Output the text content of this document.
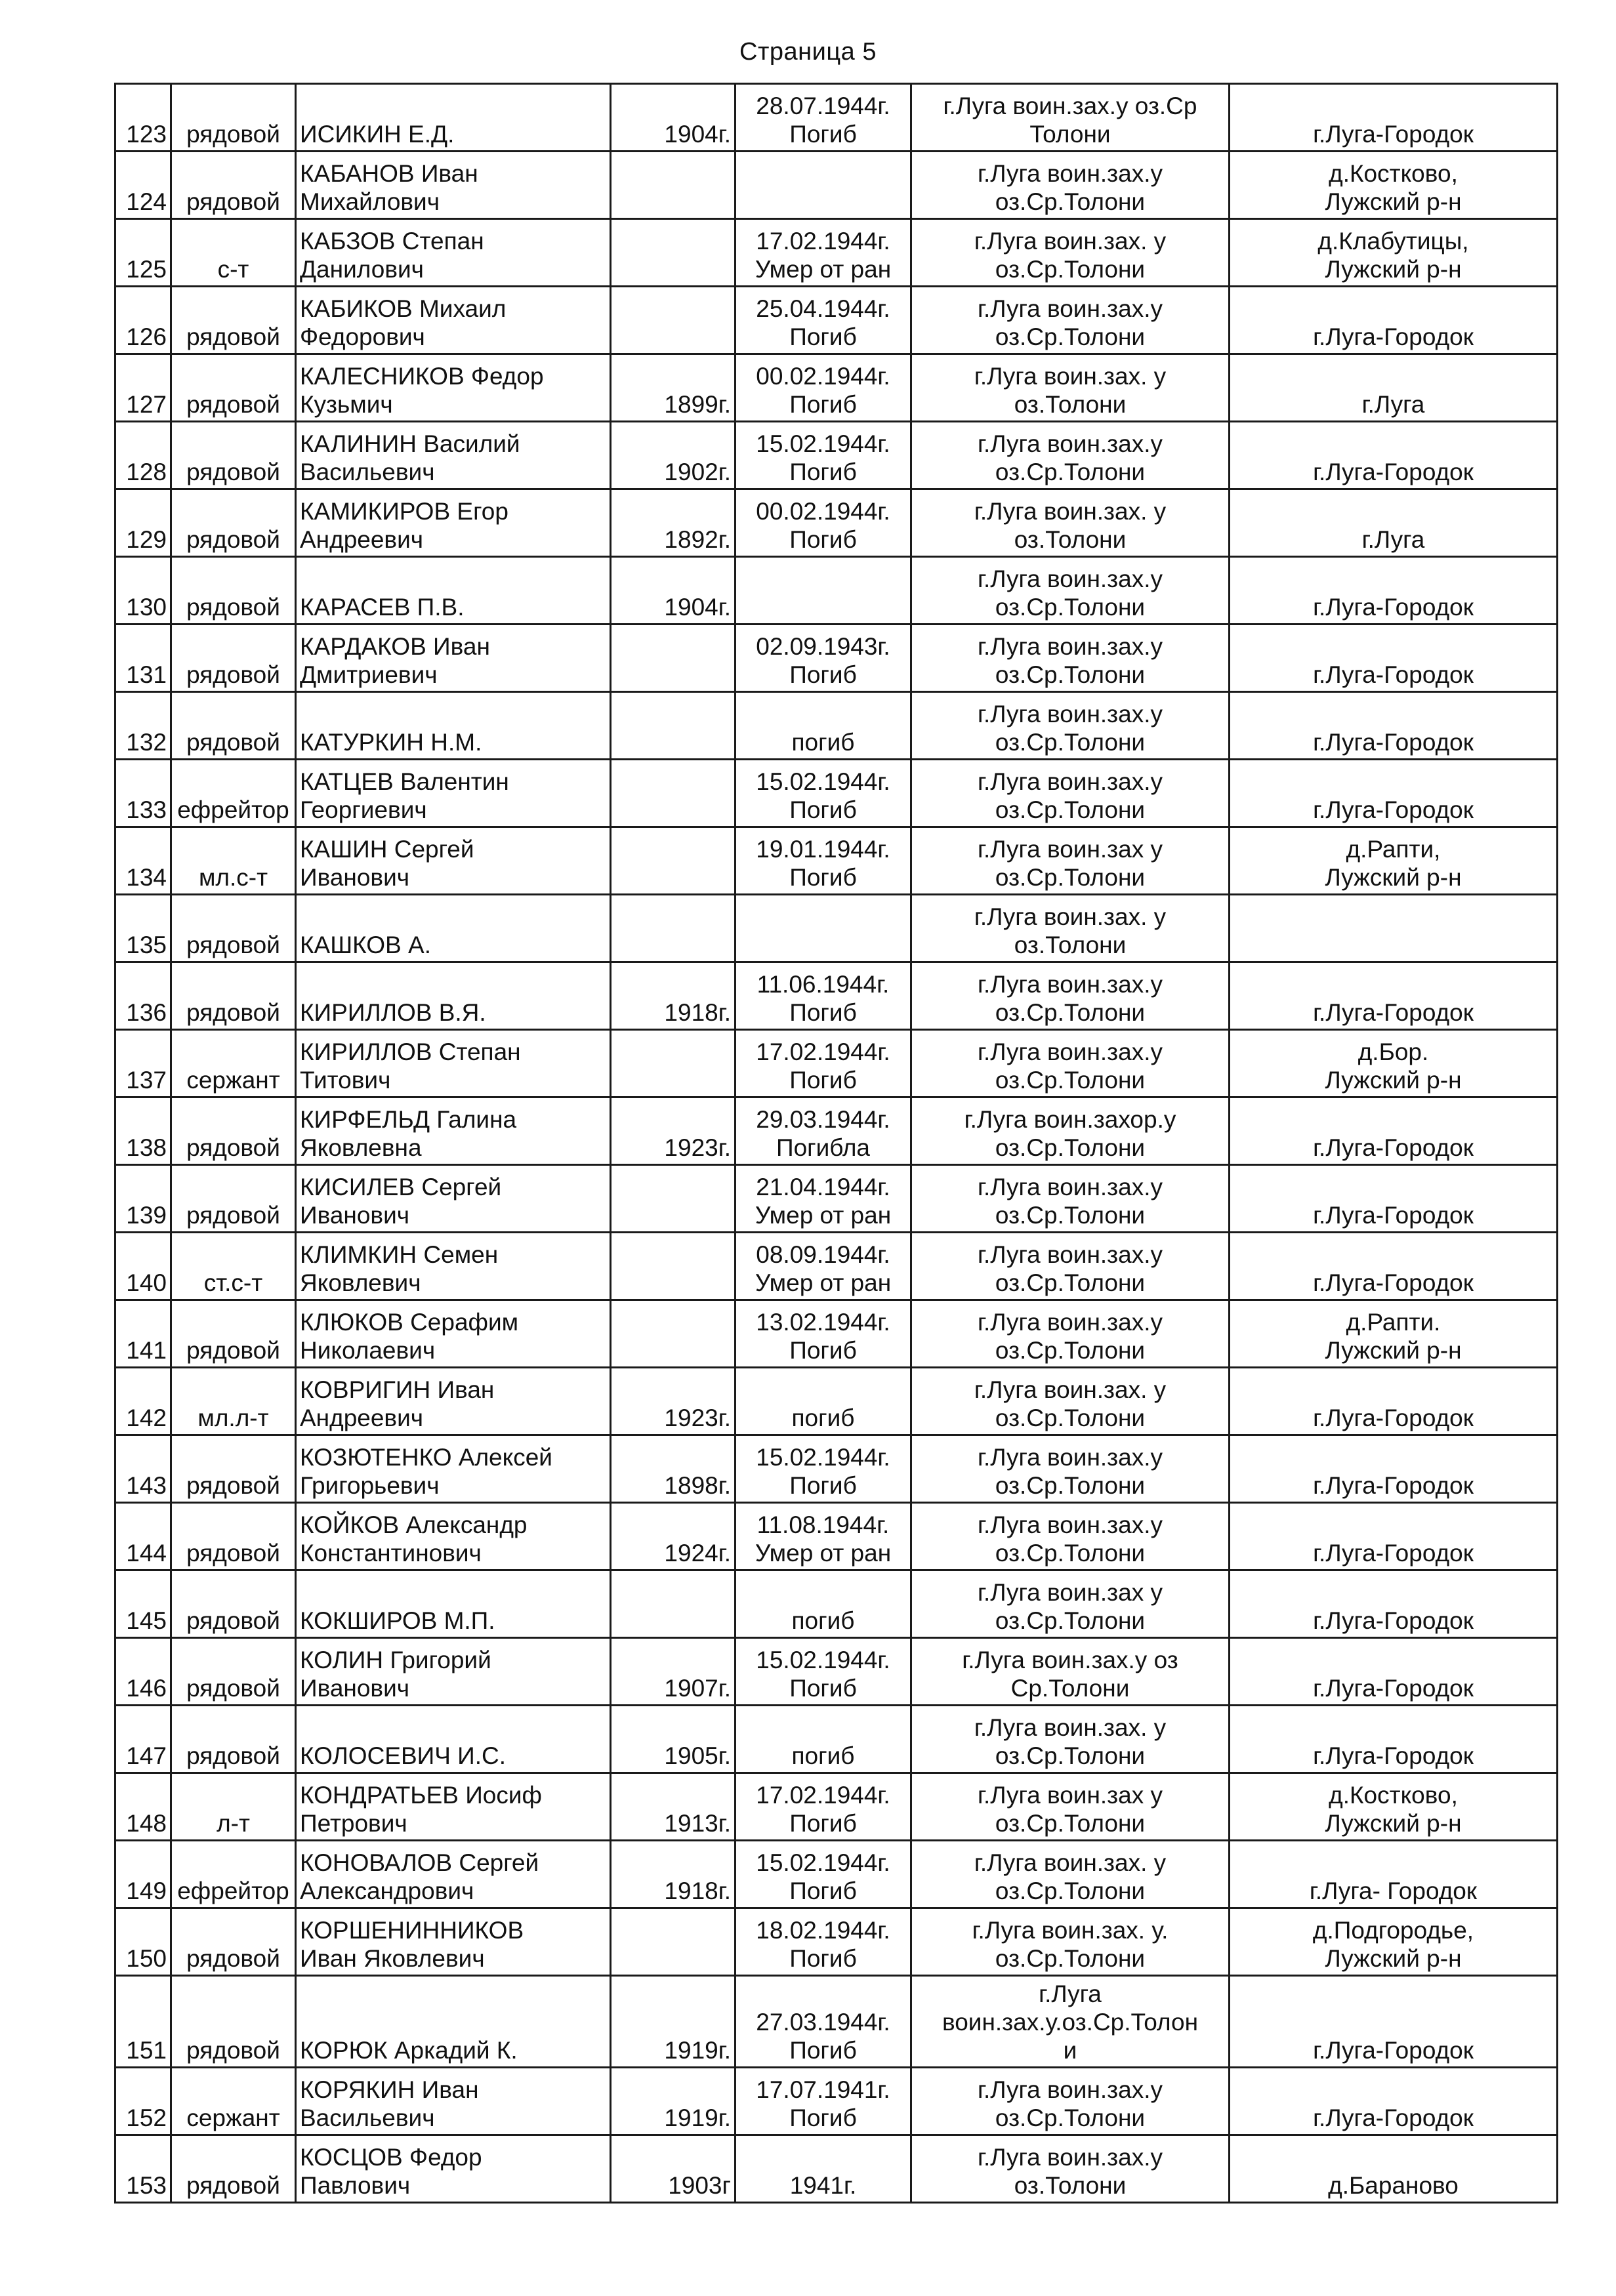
Страница 5
123	рядовой	ИСИКИН Е.Д.	1904г.	28.07.1944г.
Погиб	г.Луга воин.зах.у оз.Ср
Толони	г.Луга-Городок

124	рядовой	КАБАНОВ Иван
Михайлович			г.Луга воин.зах.у
оз.Ср.Толони	д.Костково,
Лужский р-н

125	с-т	КАБЗОВ Степан
Данилович		17.02.1944г.
Умер от ран	г.Луга воин.зах. у
оз.Ср.Толони	д.Клабутицы,
Лужский р-н

126	рядовой	КАБИКОВ Михаил
Федорович		25.04.1944г.
Погиб	г.Луга воин.зах.у
оз.Ср.Толони	г.Луга-Городок

127	рядовой	КАЛЕСНИКОВ Федор
Кузьмич	1899г.	00.02.1944г.
Погиб	г.Луга воин.зах. у
оз.Толони	г.Луга

128	рядовой	КАЛИНИН Василий
Васильевич	1902г.	15.02.1944г.
Погиб	г.Луга воин.зах.у
оз.Ср.Толони	г.Луга-Городок

129	рядовой	КАМИКИРОВ Егор
Андреевич	1892г.	00.02.1944г.
Погиб	г.Луга воин.зах. у
оз.Толони	г.Луга

130	рядовой	КАРАСЕВ П.В.	1904г.		г.Луга воин.зах.у
оз.Ср.Толони	г.Луга-Городок

131	рядовой	КАРДАКОВ Иван
Дмитриевич		02.09.1943г.
Погиб	г.Луга воин.зах.у
оз.Ср.Толони	г.Луга-Городок

132	рядовой	КАТУРКИН Н.М.		погиб	г.Луга воин.зах.у
оз.Ср.Толони	г.Луга-Городок

133	ефрейтор	КАТЦЕВ Валентин
Георгиевич		15.02.1944г.
Погиб	г.Луга воин.зах.у
оз.Ср.Толони	г.Луга-Городок

134	мл.с-т	КАШИН Сергей
Иванович		19.01.1944г.
Погиб	г.Луга воин.зах у
оз.Ср.Толони	д.Рапти,
Лужский р-н

135	рядовой	КАШКОВ А.			г.Луга воин.зах. у
оз.Толони	

136	рядовой	КИРИЛЛОВ В.Я.	1918г.	11.06.1944г.
Погиб	г.Луга воин.зах.у
оз.Ср.Толони	г.Луга-Городок

137	сержант	КИРИЛЛОВ Степан
Титович		17.02.1944г.
Погиб	г.Луга воин.зах.у
оз.Ср.Толони	д.Бор.
Лужский р-н

138	рядовой	КИРФЕЛЬД Галина
Яковлевна	1923г.	29.03.1944г.
Погибла	г.Луга воин.захор.у
оз.Ср.Толони	г.Луга-Городок

139	рядовой	КИСИЛЕВ Сергей
Иванович		21.04.1944г.
Умер от ран	г.Луга воин.зах.у
оз.Ср.Толони	г.Луга-Городок

140	ст.с-т	КЛИМКИН Семен
Яковлевич		08.09.1944г.
Умер от ран	г.Луга воин.зах.у
оз.Ср.Толони	г.Луга-Городок

141	рядовой	КЛЮКОВ Серафим
Николаевич		13.02.1944г.
Погиб	г.Луга воин.зах.у
оз.Ср.Толони	д.Рапти.
Лужский р-н

142	мл.л-т	КОВРИГИН Иван
Андреевич	1923г.	погиб	г.Луга воин.зах. у
оз.Ср.Толони	г.Луга-Городок

143	рядовой	КОЗЮТЕНКО Алексей
Григорьевич	1898г.	15.02.1944г.
Погиб	г.Луга воин.зах.у
оз.Ср.Толони	г.Луга-Городок

144	рядовой	КОЙКОВ Александр
Константинович	1924г.	11.08.1944г.
Умер от ран	г.Луга воин.зах.у
оз.Ср.Толони	г.Луга-Городок

145	рядовой	КОКШИРОВ М.П.		погиб	г.Луга воин.зах у
оз.Ср.Толони	г.Луга-Городок

146	рядовой	КОЛИН Григорий
Иванович	1907г.	15.02.1944г.
Погиб	г.Луга воин.зах.у оз
Ср.Толони	г.Луга-Городок

147	рядовой	КОЛОСЕВИЧ И.С.	1905г.	погиб	г.Луга воин.зах. у
оз.Ср.Толони	г.Луга-Городок

148	л-т	КОНДРАТЬЕВ Иосиф
Петрович	1913г.	17.02.1944г.
Погиб	г.Луга воин.зах у
оз.Ср.Толони	д.Костково,
Лужский р-н

149	ефрейтор	КОНОВАЛОВ Сергей
Александрович	1918г.	15.02.1944г.
Погиб	г.Луга воин.зах. у
оз.Ср.Толони	г.Луга- Городок

150	рядовой	КОРШЕНИННИКОВ
Иван Яковлевич		18.02.1944г.
Погиб	г.Луга воин.зах. у.
оз.Ср.Толони	д.Подгородье,
Лужский р-н

151	рядовой	КОРЮК Аркадий К.	1919г.	27.03.1944г.
Погиб	г.Луга
воин.зах.у.оз.Ср.Толон
и	г.Луга-Городок

152	сержант	КОРЯКИН Иван
Васильевич	1919г.	17.07.1941г.
Погиб	г.Луга воин.зах.у
оз.Ср.Толони	г.Луга-Городок

153	рядовой	КОСЦОВ Федор
Павлович	1903г	1941г.	г.Луга воин.зах.у
оз.Толони	д.Бараново
